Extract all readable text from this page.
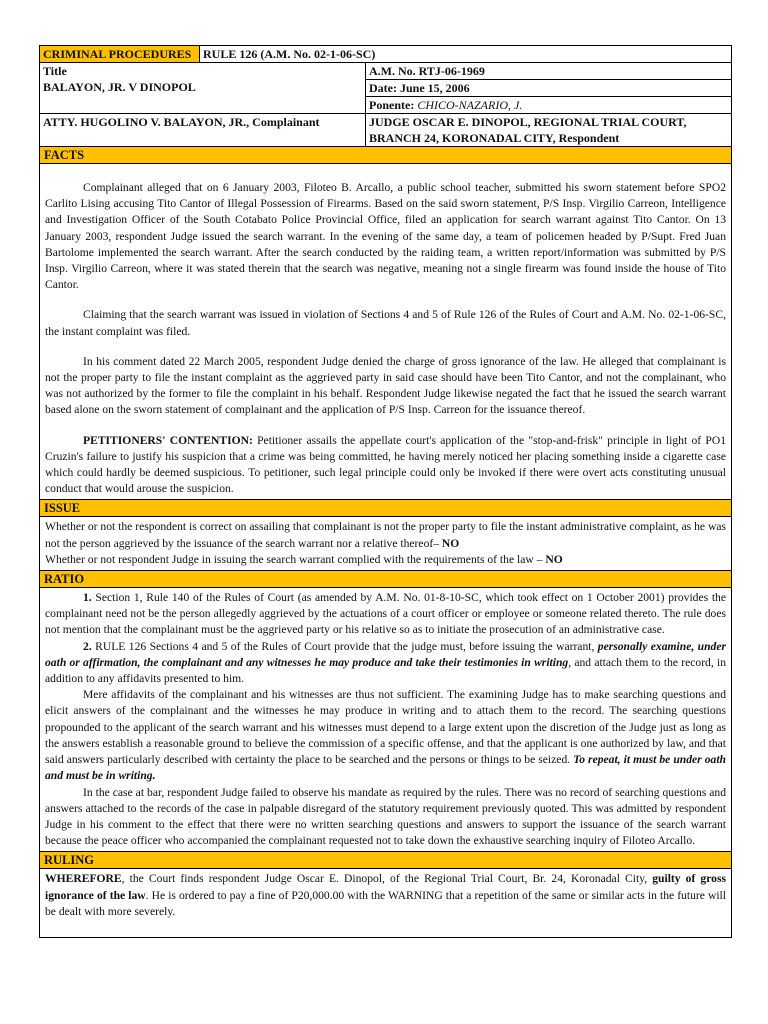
CRIMINAL PROCEDURES	RULE 126 (A.M. No. 02-1-06-SC)	

Title
BALAYON, JR. V DINOPOL		A.M. No. RTJ-06-1969
		Date: June 15, 2006
		Ponente: CHICO-NAZARIO, J.
ATTY. HUGOLINO V. BALAYON, JR., Complainant		JUDGE OSCAR E. DINOPOL, REGIONAL TRIAL COURT, BRANCH 24, KORONADAL CITY, Respondent
FACTS		

Complainant alleged that on 6 January 2003, Filoteo B. Arcallo, a public school teacher, submitted his sworn statement before SPO2 Carlito Lising accusing Tito Cantor of Illegal Possession of Firearms. Based on the said sworn statement, P/S Insp. Virgilio Carreon, Intelligence and Investigation Officer of the South Cotabato Police Provincial Office, filed an application for search warrant against Tito Cantor. On 13 January 2003, respondent Judge issued the search warrant. In the evening of the same day, a team of policemen headed by P/Supt. Fred Juan Bartolome implemented the search warrant. After the search conducted by the raiding team, a written report/information was submitted by P/S Insp. Virgilio Carreon, where it was stated therein that the search was negative, meaning not a single firearm was found inside the house of Tito Cantor.

Claiming that the search warrant was issued in violation of Sections 4 and 5 of Rule 126 of the Rules of Court and A.M. No. 02-1-06-SC, the instant complaint was filed.

In his comment dated 22 March 2005, respondent Judge denied the charge of gross ignorance of the law. He alleged that complainant is not the proper party to file the instant complaint as the aggrieved party in said case should have been Tito Cantor, and not the complainant, who was not authorized by the former to file the complaint in his behalf. Respondent Judge likewise negated the fact that he issued the search warrant based alone on the sworn statement of complainant and the application of P/S Insp. Carreon for the issuance thereof.

PETITIONERS' CONTENTION: Petitioner assails the appellate court's application of the "stop-and-frisk" principle in light of PO1 Cruzin's failure to justify his suspicion that a crime was being committed, he having merely noticed her placing something inside a cigarette case which could hardly be deemed suspicious. To petitioner, such legal principle could only be invoked if there were overt acts constituting unusual conduct that would arouse the suspicion.		

ISSUE		

Whether or not the respondent is correct on assailing that complainant is not the proper party to file the instant administrative complaint, as he was not the person aggrieved by the issuance of the search warrant nor a relative thereof– NO

Whether or not respondent Judge in issuing the search warrant complied with the requirements of the law – NO		

RATIO		

1. Section 1, Rule 140 of the Rules of Court (as amended by A.M. No. 01-8-10-SC, which took effect on 1 October 2001) provides the complainant need not be the person allegedly aggrieved by the actuations of a court officer or employee or someone related thereto. The rule does not mention that the complainant must be the aggrieved party or his relative so as to initiate the prosecution of an administrative case.

2. RULE 126 Sections 4 and 5 of the Rules of Court provide that the judge must, before issuing the warrant, personally examine, under oath or affirmation, the complainant and any witnesses he may produce and take their testimonies in writing, and attach them to the record, in addition to any affidavits presented to him.

Mere affidavits of the complainant and his witnesses are thus not sufficient. The examining Judge has to make searching questions and elicit answers of the complainant and the witnesses he may produce in writing and to attach them to the record. The searching questions propounded to the applicant of the search warrant and his witnesses must depend to a large extent upon the discretion of the Judge just as long as the answers establish a reasonable ground to believe the commission of a specific offense, and that the applicant is one authorized by law, and that said answers particularly described with certainty the place to be searched and the persons or things to be seized. To repeat, it must be under oath and must be in writing.

In the case at bar, respondent Judge failed to observe his mandate as required by the rules. There was no record of searching questions and answers attached to the records of the case in palpable disregard of the statutory requirement previously quoted. This was admitted by respondent Judge in his comment to the effect that there were no written searching questions and answers to support the issuance of the search warrant because the peace officer who accompanied the complainant requested not to take down the exhaustive searching inquiry of Filoteo Arcallo.		

RULING		

WHEREFORE, the Court finds respondent Judge Oscar E. Dinopol, of the Regional Trial Court, Br. 24, Koronadal City, guilty of gross ignorance of the law. He is ordered to pay a fine of P20,000.00 with the WARNING that a repetition of the same or similar acts in the future will be dealt with more severely.		
